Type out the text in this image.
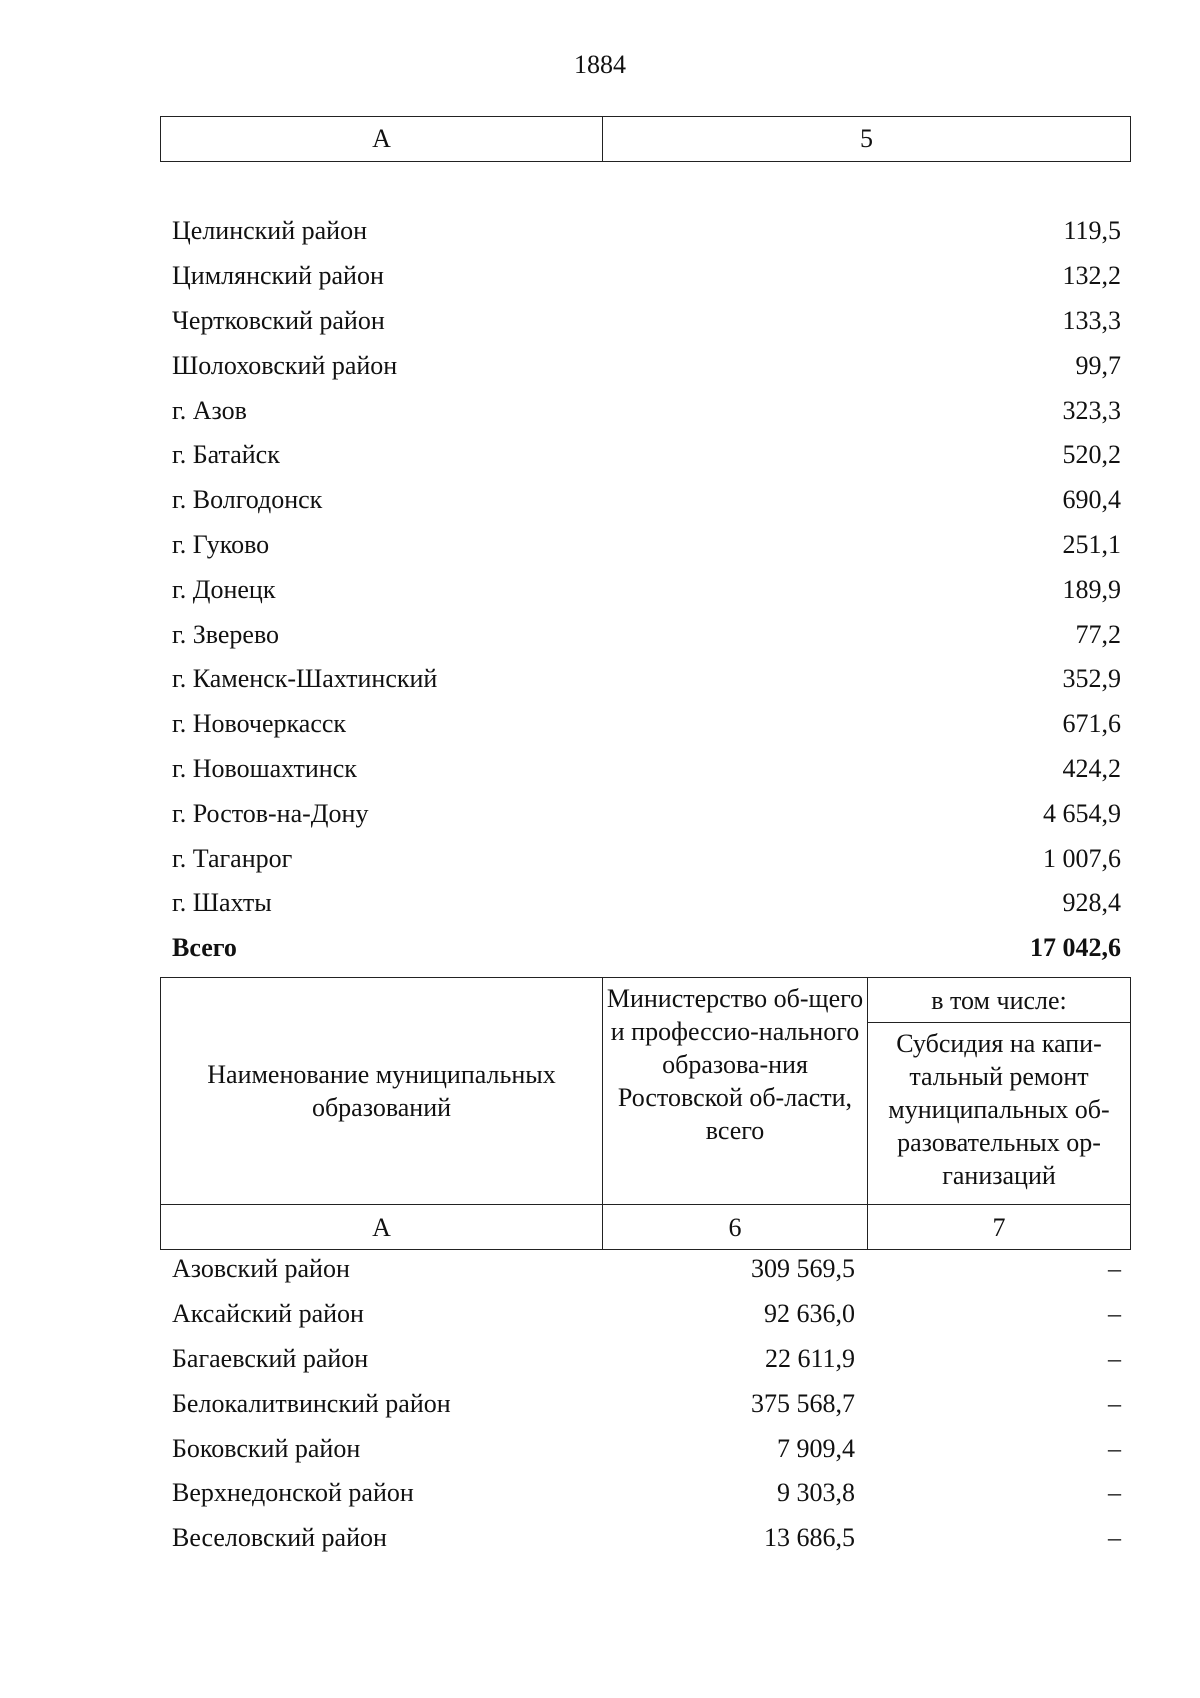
1884
А	5
Целинский район	119,5
Цимлянский район	132,2
Чертковский район	133,3
Шолоховский район	99,7
г. Азов	323,3
г. Батайск	520,2
г. Волгодонск	690,4
г. Гуково	251,1
г. Донецк	189,9
г. Зверево	77,2
г. Каменск-Шахтинский	352,9
г. Новочеркасск	671,6
г. Новошахтинск	424,2
г. Ростов-на-Дону	4 654,9
г. Таганрог	1 007,6
г. Шахты	928,4
Всего	17 042,6
Наименование муниципальных образований	Министерство об-щего и профессио-нального образова-ния Ростовской об-ласти, всего	в том числе:
		Субсидия на капи-тальный ремонт муниципальных об-разовательных ор-ганизаций
А	6	7
Азовский район	309 569,5	–
Аксайский район	92 636,0	–
Багаевский район	22 611,9	–
Белокалитвинский район	375 568,7	–
Боковский район	7 909,4	–
Верхнедонской район	9 303,8	–
Веселовский район	13 686,5	–
